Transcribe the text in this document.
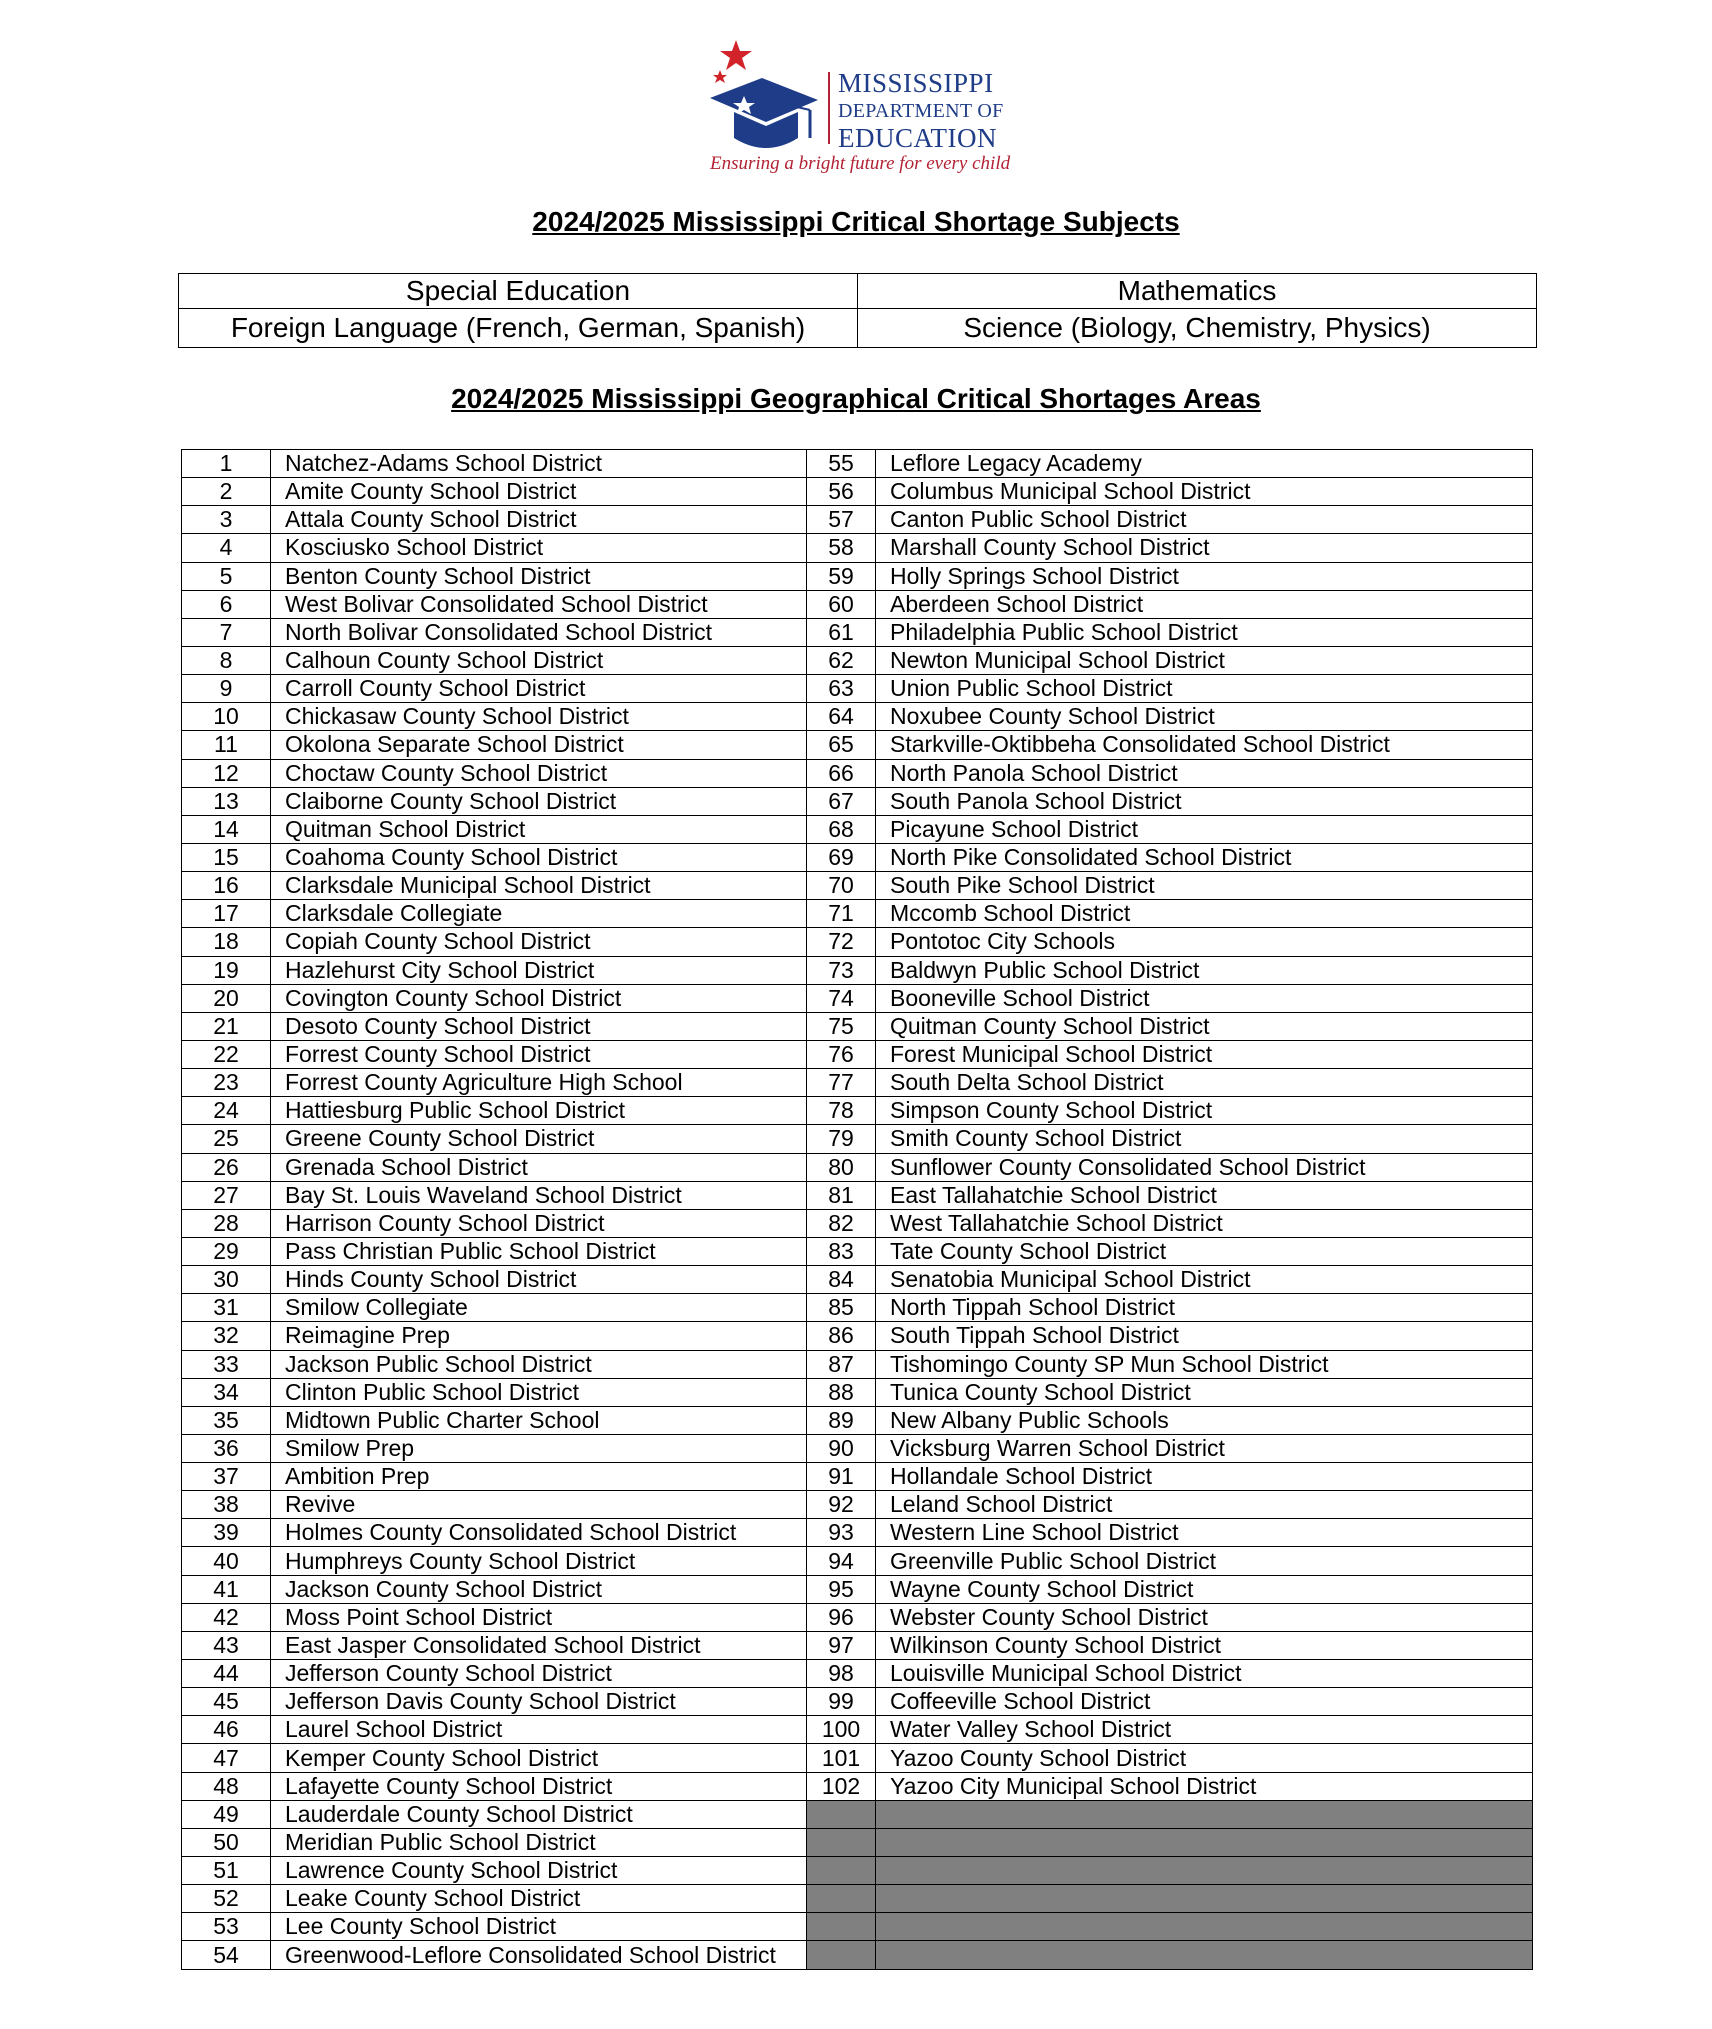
MISSISSIPPI
DEPARTMENT OF
EDUCATION
Ensuring a bright future for every child
2024/2025 Mississippi Critical Shortage Subjects
Special Education	Mathematics
Foreign Language (French, German, Spanish)	Science (Biology, Chemistry, Physics)
2024/2025 Mississippi Geographical Critical Shortages Areas
1	Natchez-Adams School District	55	Leflore Legacy Academy
2	Amite County School District	56	Columbus Municipal School District
3	Attala County School District	57	Canton Public School District
4	Kosciusko School District	58	Marshall County School District
5	Benton County School District	59	Holly Springs School District
6	West Bolivar Consolidated School District	60	Aberdeen School District
7	North Bolivar Consolidated School District	61	Philadelphia Public School District
8	Calhoun County School District	62	Newton Municipal School District
9	Carroll County School District	63	Union Public School District
10	Chickasaw County School District	64	Noxubee County School District
11	Okolona Separate School District	65	Starkville-Oktibbeha Consolidated School District
12	Choctaw County School District	66	North Panola School District
13	Claiborne County School District	67	South Panola School District
14	Quitman School District	68	Picayune School District
15	Coahoma County School District	69	North Pike Consolidated School District
16	Clarksdale Municipal School District	70	South Pike School District
17	Clarksdale Collegiate	71	Mccomb School District
18	Copiah County School District	72	Pontotoc City Schools
19	Hazlehurst City School District	73	Baldwyn Public School District
20	Covington County School District	74	Booneville School District
21	Desoto County School District	75	Quitman County School District
22	Forrest County School District	76	Forest Municipal School District
23	Forrest County Agriculture High School	77	South Delta School District
24	Hattiesburg Public School District	78	Simpson County School District
25	Greene County School District	79	Smith County School District
26	Grenada School District	80	Sunflower County Consolidated School District
27	Bay St. Louis Waveland School District	81	East Tallahatchie School District
28	Harrison County School District	82	West Tallahatchie School District
29	Pass Christian Public School District	83	Tate County School District
30	Hinds County School District	84	Senatobia Municipal School District
31	Smilow Collegiate	85	North Tippah School District
32	Reimagine Prep	86	South Tippah School District
33	Jackson Public School District	87	Tishomingo County SP Mun School District
34	Clinton Public School District	88	Tunica County School District
35	Midtown Public Charter School	89	New Albany Public Schools
36	Smilow Prep	90	Vicksburg Warren School District
37	Ambition Prep	91	Hollandale School District
38	Revive	92	Leland School District
39	Holmes County Consolidated School District	93	Western Line School District
40	Humphreys County School District	94	Greenville Public School District
41	Jackson County School District	95	Wayne County School District
42	Moss Point School District	96	Webster County School District
43	East Jasper Consolidated School District	97	Wilkinson County School District
44	Jefferson County School District	98	Louisville Municipal School District
45	Jefferson Davis County School District	99	Coffeeville School District
46	Laurel School District	100	Water Valley School District
47	Kemper County School District	101	Yazoo County School District
48	Lafayette County School District	102	Yazoo City Municipal School District
49	Lauderdale County School District		
50	Meridian Public School District		
51	Lawrence County School District		
52	Leake County School District		
53	Lee County School District		
54	Greenwood-Leflore Consolidated School District		
